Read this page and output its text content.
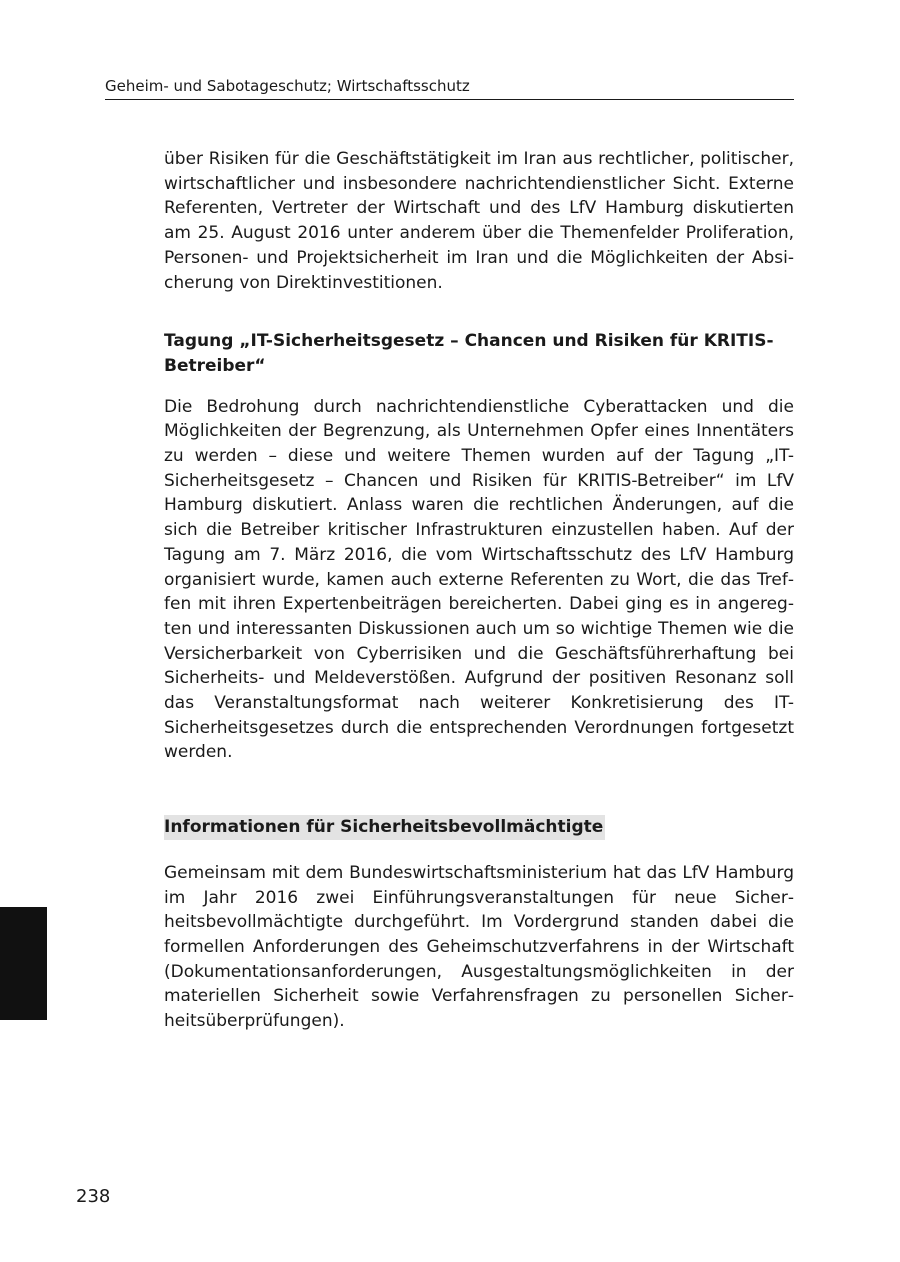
Geheim- und Sabotageschutz; Wirtschaftsschutz

über Risiken für die Geschäftstätigkeit im Iran aus rechtlicher, politischer, wirtschaftlicher und insbesondere nachrichtendienstlicher Sicht. Externe Referenten, Vertreter der Wirtschaft und des LfV Hamburg diskutierten am 25. August 2016 unter anderem über die Themenfelder Proliferation, Personen- und Projektsicherheit im Iran und die Möglichkeiten der Absicherung von Direktinvestitionen.

Tagung „IT-Sicherheitsgesetz – Chancen und Risiken für KRITIS-Betreiber“

Die Bedrohung durch nachrichtendienstliche Cyberattacken und die Möglichkeiten der Begrenzung, als Unternehmen Opfer eines Innentäters zu werden – diese und weitere Themen wurden auf der Tagung „IT-Sicherheitsgesetz – Chancen und Risiken für KRITIS-Betreiber“ im LfV Hamburg diskutiert. Anlass waren die rechtlichen Änderungen, auf die sich die Betreiber kritischer Infrastrukturen einzustellen haben. Auf der Tagung am 7. März 2016, die vom Wirtschaftsschutz des LfV Hamburg organisiert wurde, kamen auch externe Referenten zu Wort, die das Treffen mit ihren Expertenbeiträgen bereicherten. Dabei ging es in angeregten und interessanten Diskussionen auch um so wichtige Themen wie die Versicherbarkeit von Cyberrisiken und die Geschäftsführerhaftung bei Sicherheits- und Meldeverstößen. Aufgrund der positiven Resonanz soll das Veranstaltungsformat nach weiterer Konkretisierung des IT-Sicherheitsgesetzes durch die entsprechenden Verordnungen fortgesetzt werden.

Informationen für Sicherheitsbevollmächtigte

Gemeinsam mit dem Bundeswirtschaftsministerium hat das LfV Hamburg im Jahr 2016 zwei Einführungsveranstaltungen für neue Sicherheitsbevollmächtigte durchgeführt. Im Vordergrund standen dabei die formellen Anforderungen des Geheimschutzverfahrens in der Wirtschaft (Dokumentationsanforderungen, Ausgestaltungsmöglichkeiten in der materiellen Sicherheit sowie Verfahrensfragen zu personellen Sicherheitsüberprüfungen).

238
